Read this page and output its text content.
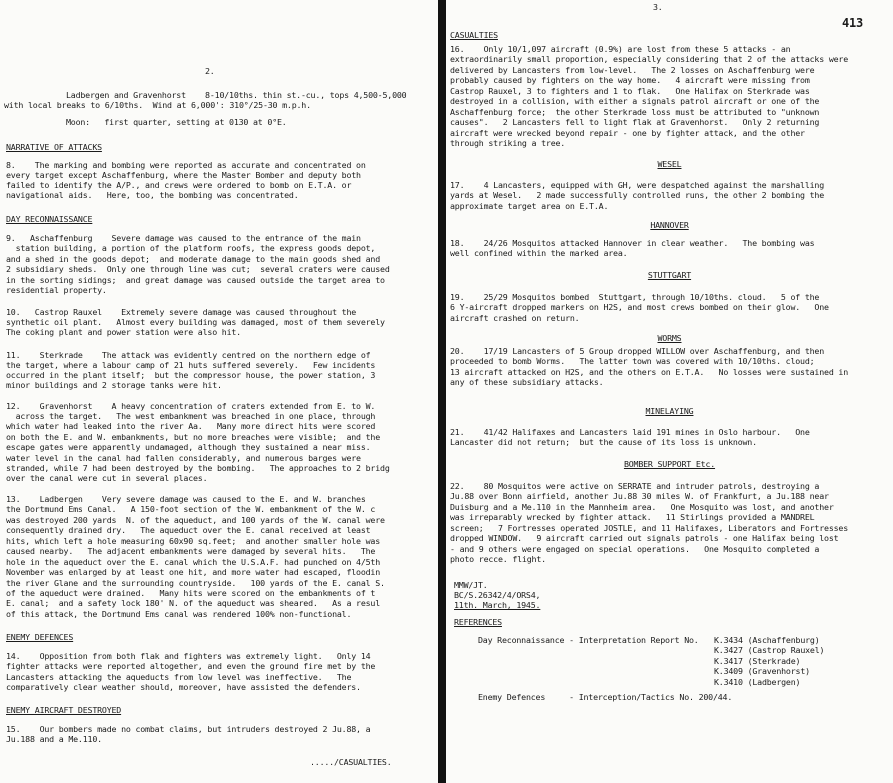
2.
Ladbergen and Gravenhorst    8-10/10ths. thin st.-cu., tops 4,500-5,000
with local breaks to 6/10ths.  Wind at 6,000': 310°/25-30 m.p.h.
Moon:   first quarter, setting at 0130 at 0°E.
NARRATIVE OF ATTACKS
8.    The marking and bombing were reported as accurate and concentrated on
every target except Aschaffenburg, where the Master Bomber and deputy both
failed to identify the A/P., and crews were ordered to bomb on E.T.A. or
navigational aids.   Here, too, the bombing was concentrated.
DAY RECONNAISSANCE
9.   Aschaffenburg    Severe damage was caused to the entrance of the main
station building, a portion of the platform roofs, the express goods depot,
and a shed in the goods depot;  and moderate damage to the main goods shed and
2 subsidiary sheds.  Only one through line was cut;  several craters were caused
in the sorting sidings;  and great damage was caused outside the target area to
residential property.
10.   Castrop Rauxel    Extremely severe damage was caused throughout the
synthetic oil plant.   Almost every building was damaged, most of them severely
The coking plant and power station were also hit.
11.    Sterkrade    The attack was evidently centred on the northern edge of
the target, where a labour camp of 21 huts suffered severely.   Few incidents
occurred in the plant itself;  but the compressor house, the power station, 3
minor buildings and 2 storage tanks were hit.
12.    Gravenhorst    A heavy concentration of craters extended from E. to W.
across the target.   The west embankment was breached in one place, through
which water had leaked into the river Aa.   Many more direct hits were scored
on both the E. and W. embankments, but no more breaches were visible;  and the
escape gates were apparently undamaged, although they sustained a near miss.
water level in the canal had fallen considerably, and numerous barges were
stranded, while 7 had been destroyed by the bombing.   The approaches to 2 bridg
over the canal were cut in several places.
13.    Ladbergen    Very severe damage was caused to the E. and W. branches
the Dortmund Ems Canal.   A 150-foot section of the W. embankment of the W. c
was destroyed 200 yards  N. of the aqueduct, and 100 yards of the W. canal were
consequently drained dry.   The aqueduct over the E. canal received at least
hits, which left a hole measuring 60x90 sq.feet;  and another smaller hole was
caused nearby.   The adjacent embankments were damaged by several hits.   The
hole in the aqueduct over the E. canal which the U.S.A.F. had punched on 4/5th
November was enlarged by at least one hit, and more water had escaped, floodin
the river Glane and the surrounding countryside.   100 yards of the E. canal S.
of the aqueduct were drained.   Many hits were scored on the embankments of t
E. canal;  and a safety lock 180' N. of the aqueduct was sheared.   As a resul
of this attack, the Dortmund Ems canal was rendered 100% non-functional.
ENEMY DEFENCES
14.    Opposition from both flak and fighters was extremely light.   Only 14
fighter attacks were reported altogether, and even the ground fire met by the
Lancasters attacking the aqueducts from low level was ineffective.   The
comparatively clear weather should, moreover, have assisted the defenders.
ENEMY AIRCRAFT DESTROYED
15.    Our bombers made no combat claims, but intruders destroyed 2 Ju.88, a
Ju.188 and a Me.110.
...../CASUALTIES.
3.
413
CASUALTIES
16.    Only 10/1,097 aircraft (0.9%) are lost from these 5 attacks - an
extraordinarily small proportion, especially considering that 2 of the attacks were
delivered by Lancasters from low-level.   The 2 losses on Aschaffenburg were
probably caused by fighters on the way home.   4 aircraft were missing from
Castrop Rauxel, 3 to fighters and 1 to flak.   One Halifax on Sterkrade was
destroyed in a collision, with either a signals patrol aircraft or one of the
Aschaffenburg force;  the other Sterkrade loss must be attributed to "unknown
causes".   2 Lancasters fell to light flak at Gravenhorst.   Only 2 returning
aircraft were wrecked beyond repair - one by fighter attack, and the other
through striking a tree.
WESEL
17.    4 Lancasters, equipped with GH, were despatched against the marshalling
yards at Wesel.   2 made successfully controlled runs, the other 2 bombing the
approximate target area on E.T.A.
HANNOVER
18.    24/26 Mosquitos attacked Hannover in clear weather.   The bombing was
well confined within the marked area.
STUTTGART
19.    25/29 Mosquitos bombed  Stuttgart, through 10/10ths. cloud.   5 of the
6 Y-aircraft dropped markers on H2S, and most crews bombed on their glow.   One
aircraft crashed on return.
WORMS
20.    17/19 Lancasters of 5 Group dropped WILLOW over Aschaffenburg, and then
proceeded to bomb Worms.   The latter town was covered with 10/10ths. cloud;
13 aircraft attacked on H2S, and the others on E.T.A.   No losses were sustained in
any of these subsidiary attacks.
MINELAYING
21.    41/42 Halifaxes and Lancasters laid 191 mines in Oslo harbour.   One
Lancaster did not return;  but the cause of its loss is unknown.
BOMBER SUPPORT Etc.
22.    80 Mosquitos were active on SERRATE and intruder patrols, destroying a
Ju.88 over Bonn airfield, another Ju.88 30 miles W. of Frankfurt, a Ju.188 near
Duisburg and a Me.110 in the Mannheim area.   One Mosquito was lost, and another
was irreparably wrecked by fighter attack.   11 Stirlings provided a MANDREL
screen;   7 Fortresses operated JOSTLE, and 11 Halifaxes, Liberators and Fortresses
dropped WINDOW.   9 aircraft carried out signals patrols - one Halifax being lost
- and 9 others were engaged on special operations.   One Mosquito completed a
photo recce. flight.
MMW/JT.
BC/S.26342/4/ORS4,
11th. March, 1945.
REFERENCES
Day Reconnaissance - Interpretation Report No. K.3434 (Aschaffenburg)
K.3427 (Castrop Rauxel)
K.3417 (Sterkrade)
K.3409 (Gravenhorst)
K.3410 (Ladbergen)
Enemy Defences     - Interception/Tactics No. 200/44.
